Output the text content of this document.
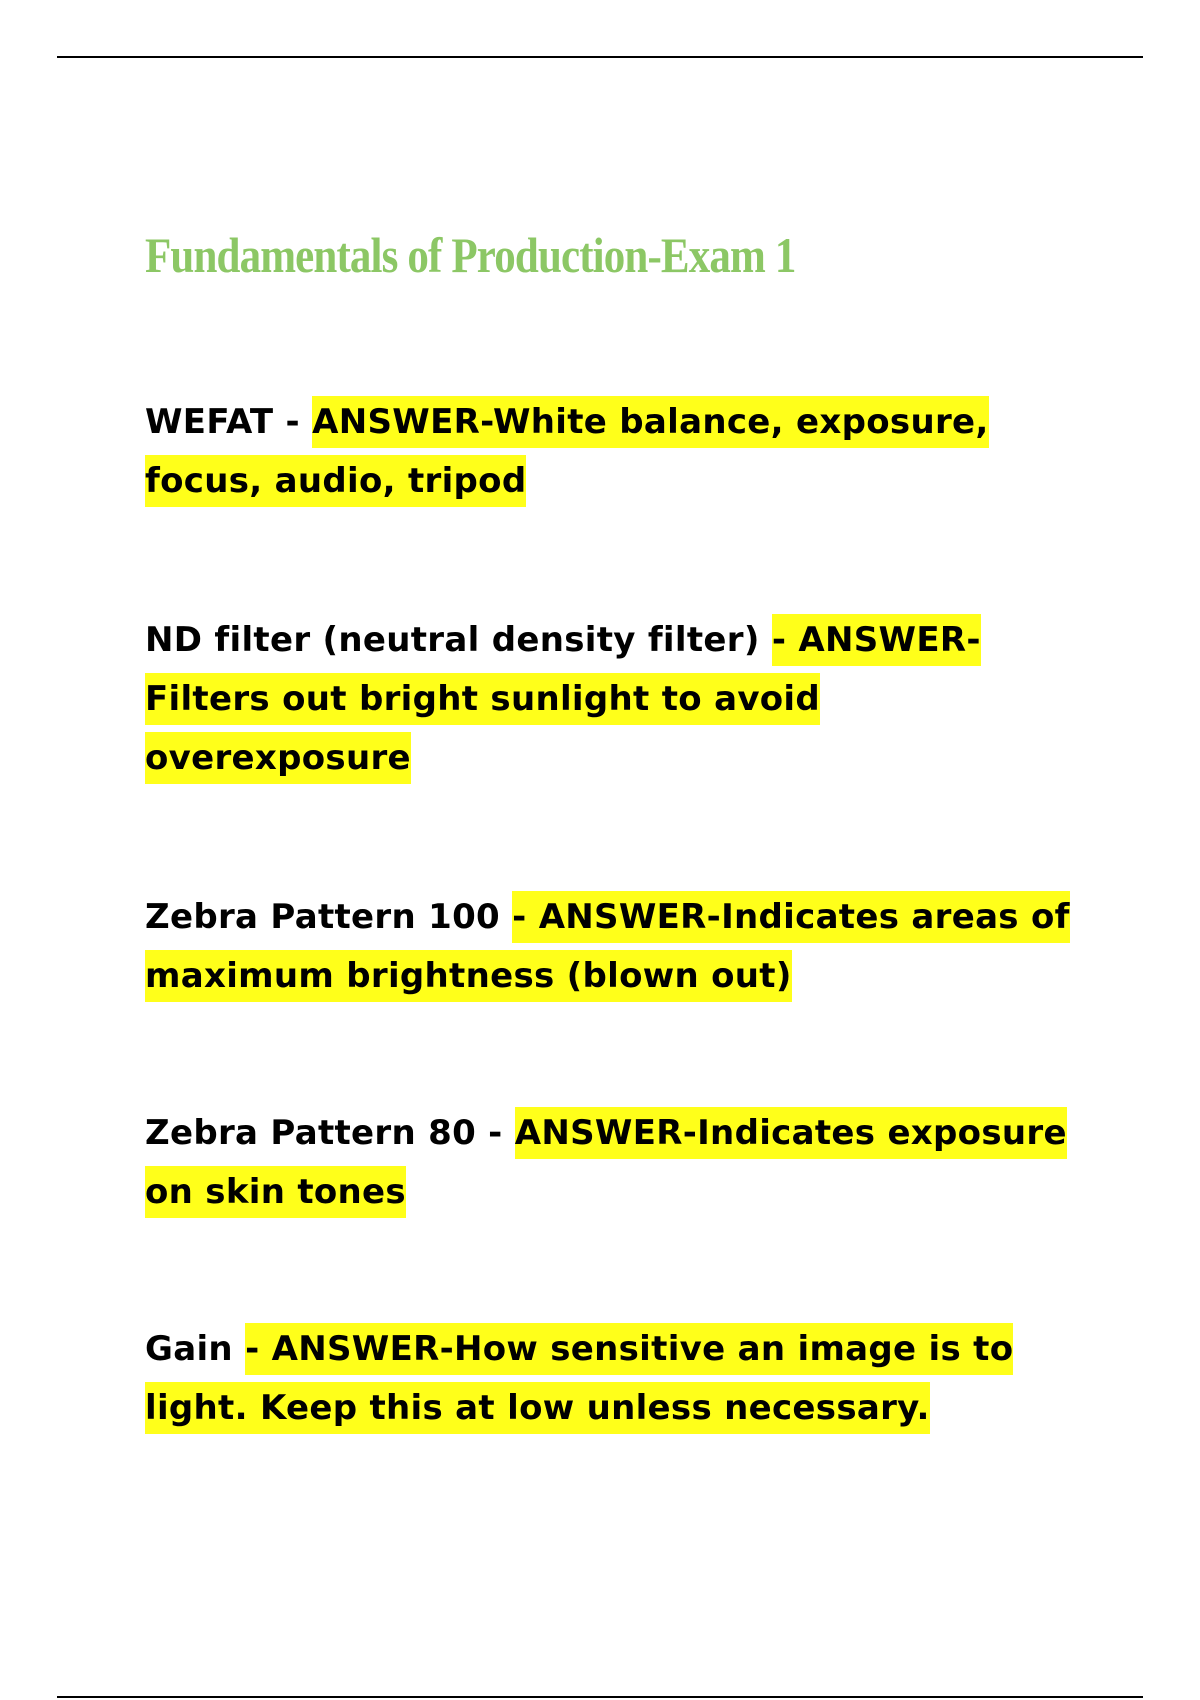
Fundamentals of Production-Exam 1

WEFAT - ANSWER-White balance, exposure, focus, audio, tripod

ND filter (neutral density filter) - ANSWER-Filters out bright sunlight to avoid overexposure

Zebra Pattern 100 - ANSWER-Indicates areas of maximum brightness (blown out)

Zebra Pattern 80 - ANSWER-Indicates exposure on skin tones

Gain - ANSWER-How sensitive an image is to light. Keep this at low unless necessary.
